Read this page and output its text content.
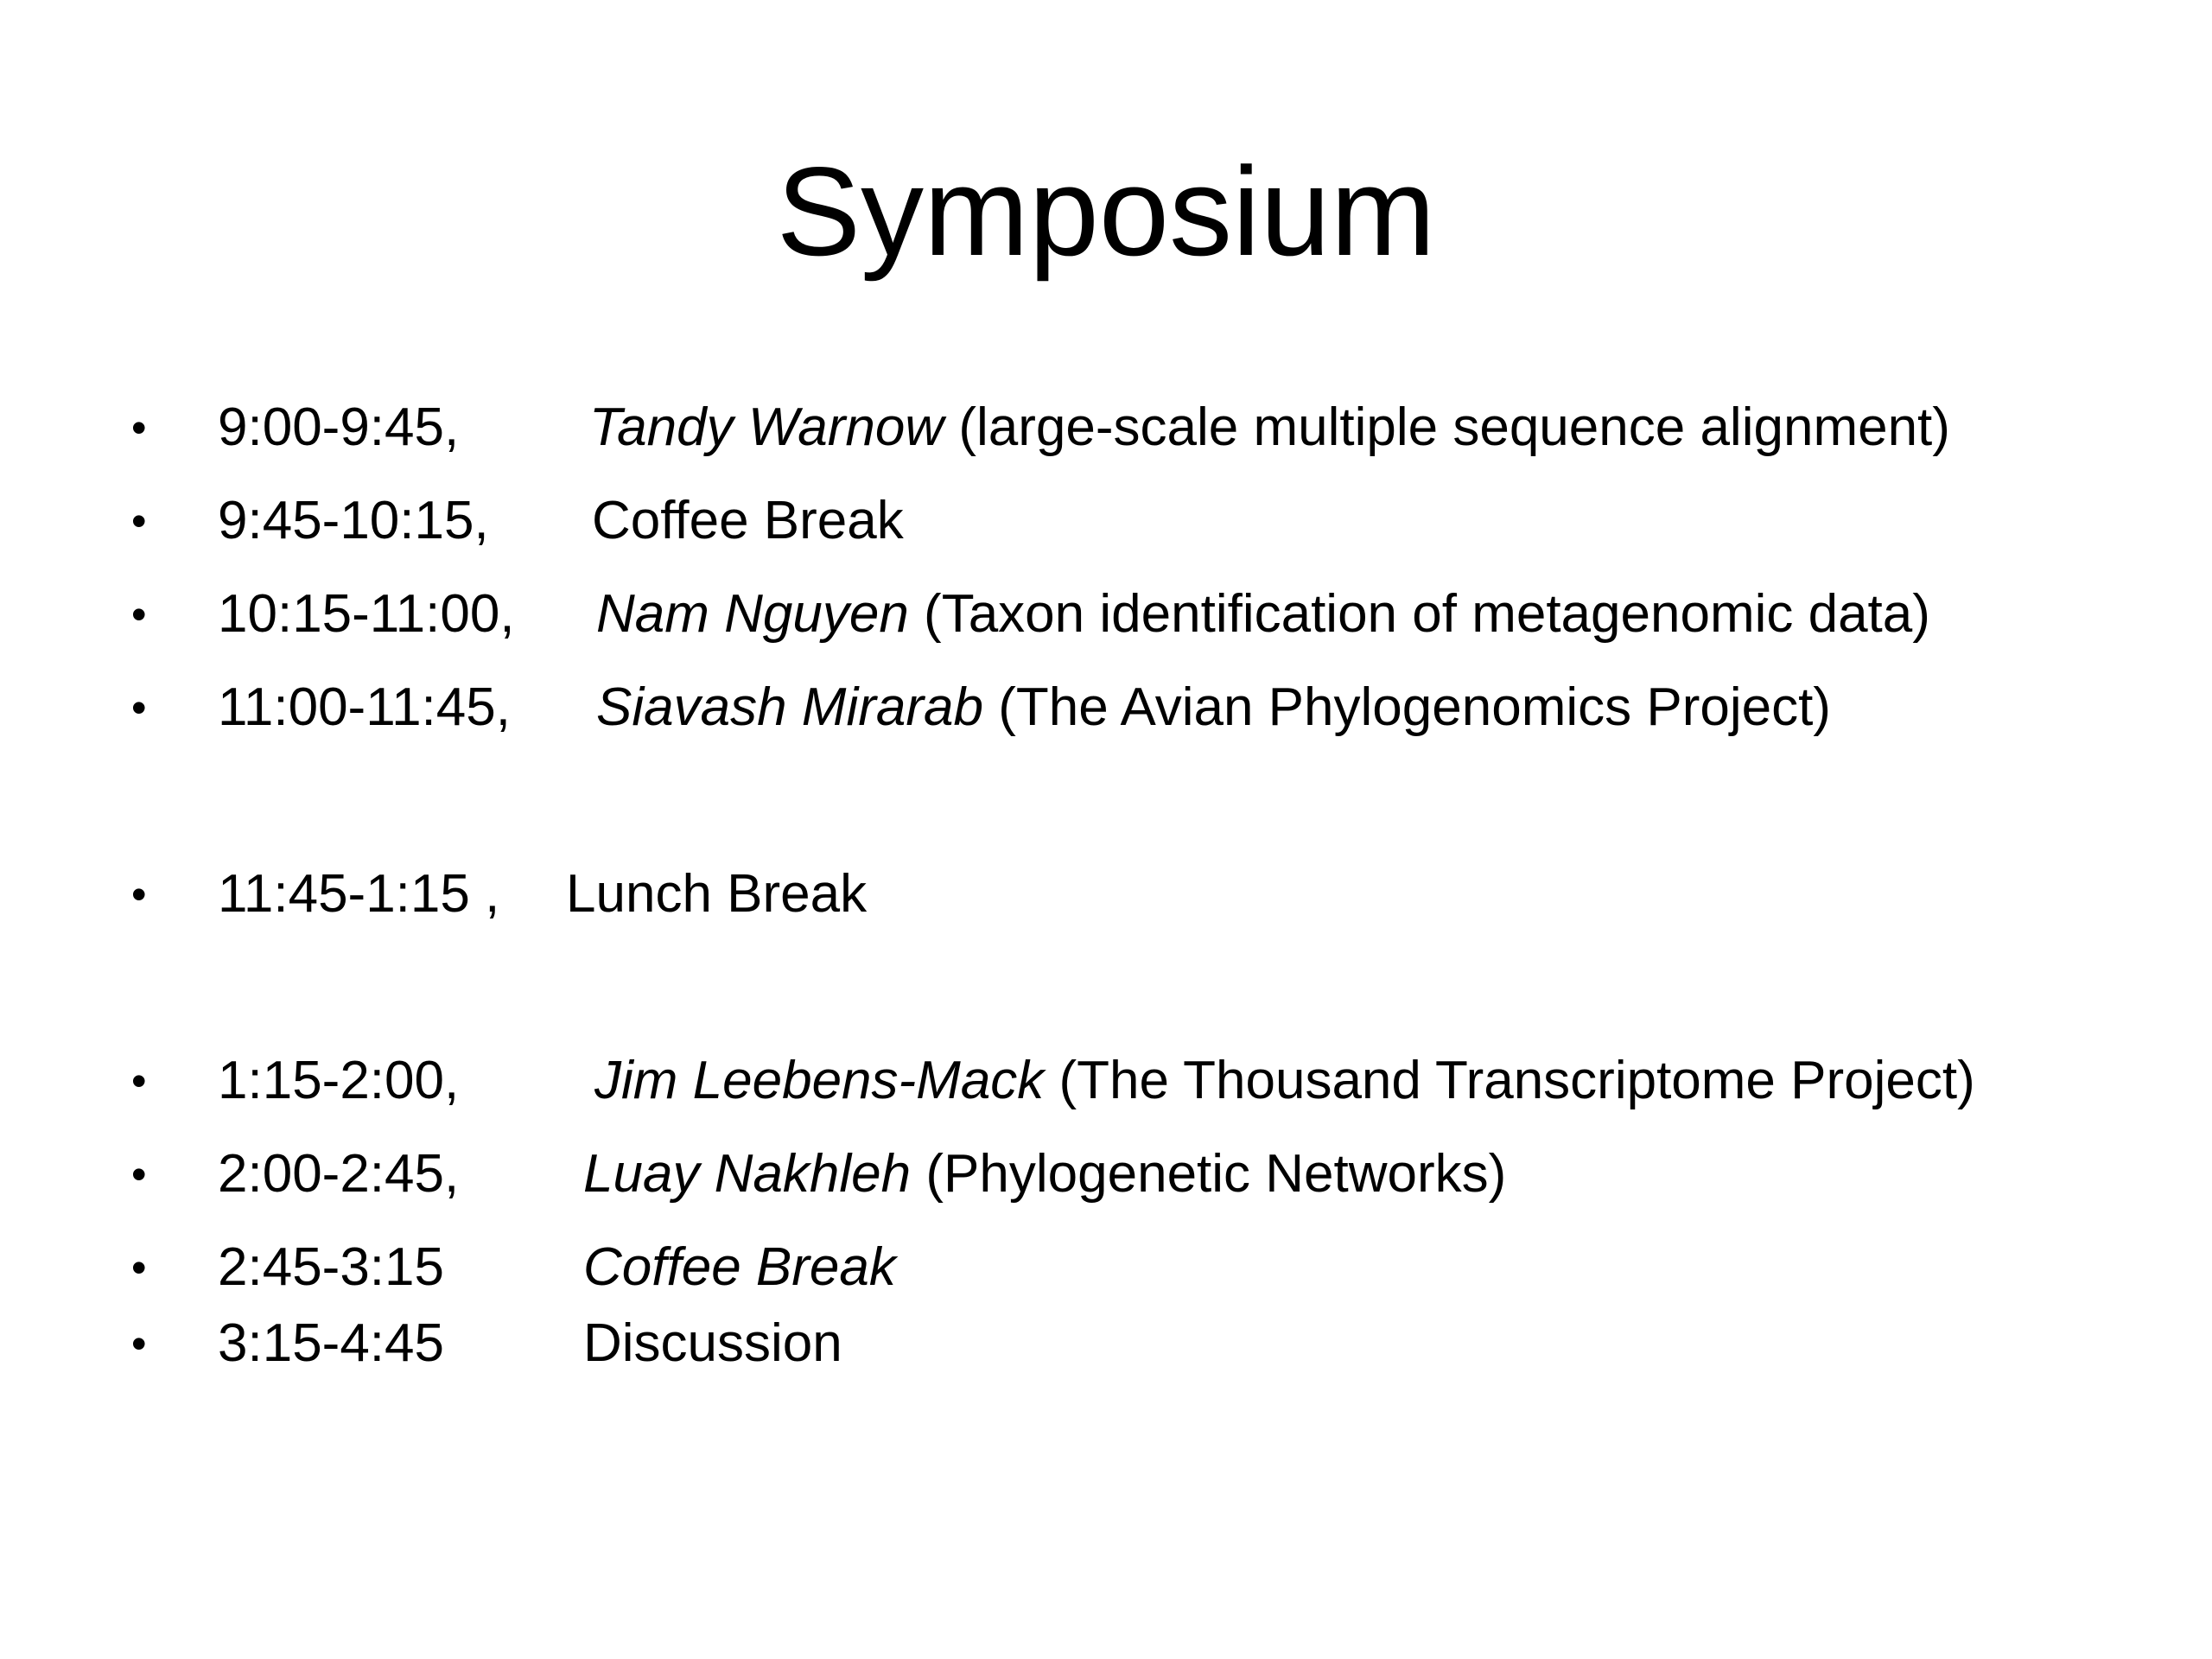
Symposium
• 9:00-9:45, Tandy Warnow (large-scale multiple sequence alignment)
• 9:45-10:15, Coffee Break
• 10:15-11:00, Nam Nguyen (Taxon identification of metagenomic data)
• 11:00-11:45, Siavash Mirarab (The Avian Phylogenomics Project)
• 11:45-1:15 , Lunch Break
• 1:15-2:00,	Jim Leebens-Mack (The Thousand Transcriptome Project)
• 2:00-2:45, Luay Nakhleh (Phylogenetic Networks)
• 2:45-3:15	Coffee Break
• 3:15-4:45	Discussion
